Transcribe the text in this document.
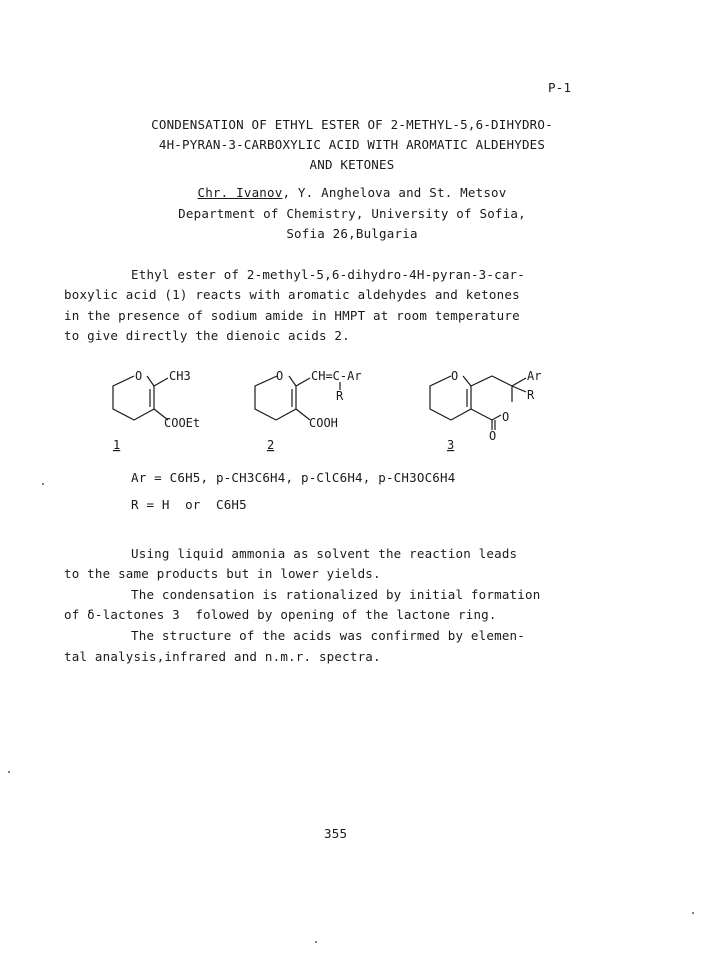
P-1
CONDENSATION OF ETHYL ESTER OF 2-METHYL-5,6-DIHYDRO-
4H-PYRAN-3-CARBOXYLIC ACID WITH AROMATIC ALDEHYDES
AND KETONES
Chr. Ivanov, Y. Anghelova and St. Metsov
Department of Chemistry, University of Sofia,
Sofia 26,Bulgaria
Ethyl ester of 2-methyl-5,6-dihydro-4H-pyran-3-car-
boxylic acid (1) reacts with aromatic aldehydes and ketones
in the presence of sodium amide in HMPT at room temperature
to give directly the dienoic acids 2.
O CH3
COOEt
1
O CH=C-Ar
R
COOH
2
O
O
O
Ar
R
3
Ar = C6H5, p-CH3C6H4, p-ClC6H4, p-CH3OC6H4
R = H  or  C6H5
Using liquid ammonia as solvent the reaction leads
to the same products but in lower yields.
The condensation is rationalized by initial formation
of δ-lactones 3  folowed by opening of the lactone ring.
The structure of the acids was confirmed by elemen-
tal analysis,infrared and n.m.r. spectra.
355
